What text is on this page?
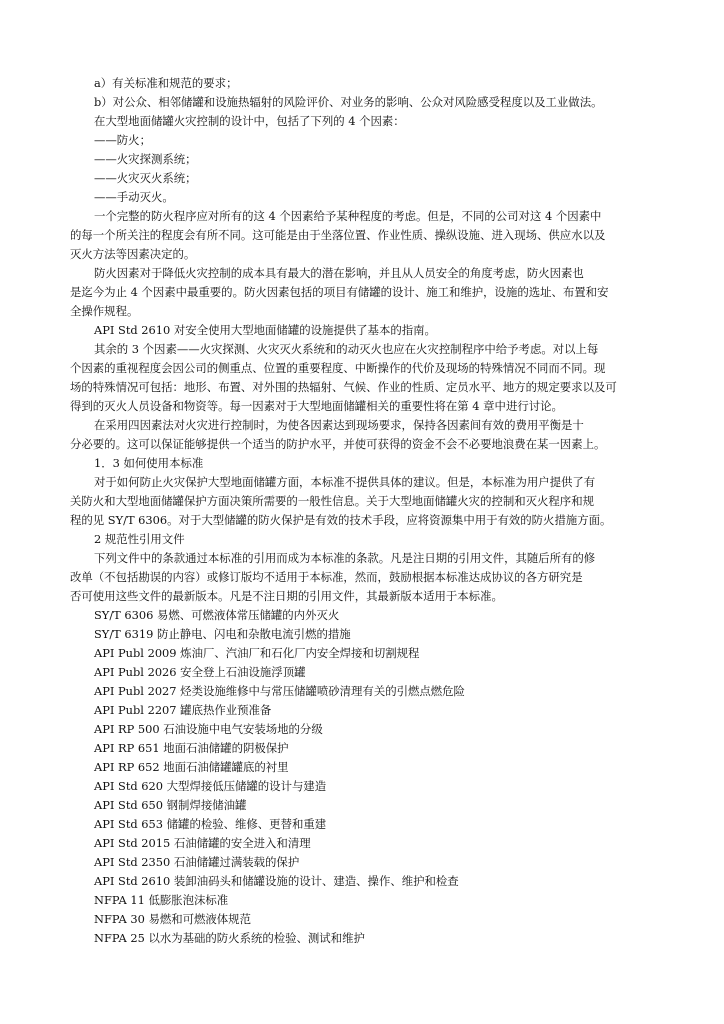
a）有关标准和规范的要求；

b）对公众、相邻储罐和设施热辐射的风险评价、对业务的影响、公众对风险感受程度以及工业做法。

在大型地面储罐火灾控制的设计中，包括了下列的 4 个因素：

——防火；

——火灾探测系统；

——火灾灭火系统；

——手动灭火。

一个完整的防火程序应对所有的这 4 个因素给予某种程度的考虑。但是，不同的公司对这 4 个因素中

的每一个所关注的程度会有所不同。这可能是由于坐落位置、作业性质、操纵设施、进入现场、供应水以及

灭火方法等因素决定的。

防火因素对于降低火灾控制的成本具有最大的潜在影响，并且从人员安全的角度考虑，防火因素也

是迄今为止 4 个因素中最重要的。防火因素包括的项目有储罐的设计、施工和维护，设施的选址、布置和安

全操作规程。

API Std 2610 对安全使用大型地面储罐的设施提供了基本的指南。

其余的 3 个因素——火灾探测、火灾灭火系统和的动灭火也应在火灾控制程序中给予考虑。对以上每

个因素的重视程度会因公司的侧重点、位置的重要程度、中断操作的代价及现场的特殊情况不同而不同。现

场的特殊情况可包括：地形、布置、对外围的热辐射、气候、作业的性质、定员水平、地方的规定要求以及可

得到的灭火人员设备和物资等。每一因素对于大型地面储罐相关的重要性将在第 4 章中进行讨论。

在采用四因素法对火灾进行控制时，为使各因素达到现场要求，保持各因素间有效的费用平衡是十

分必要的。这可以保证能够提供一个适当的防护水平，并使可获得的资金不会不必要地浪费在某一因素上。

1．3 如何使用本标准

对于如何防止火灾保护大型地面储罐方面，本标准不提供具体的建议。但是，本标准为用户提供了有

关防火和大型地面储罐保护方面决策所需要的一般性信息。关于大型地面储罐火灾的控制和灭火程序和规

程的见 SY/T 6306。对于大型储罐的防火保护是有效的技术手段，应将资源集中用于有效的防火措施方面。

2 规范性引用文件

下列文件中的条款通过本标准的引用而成为本标准的条款。凡是注日期的引用文件，其随后所有的修

改单（不包括勘误的内容）或修订版均不适用于本标准，然而，鼓励根据本标准达成协议的各方研究是

否可使用这些文件的最新版本。凡是不注日期的引用文件，其最新版本适用于本标准。

SY/T 6306 易燃、可燃液体常压储罐的内外灭火

SY/T 6319 防止静电、闪电和杂散电流引燃的措施

API Publ 2009 炼油厂、汽油厂和石化厂内安全焊接和切割规程

API Publ 2026 安全登上石油设施浮顶罐

API Publ 2027 烃类设施维修中与常压储罐喷砂清理有关的引燃点燃危险

API Publ 2207 罐底热作业预准备

API RP 500 石油设施中电气安装场地的分级

API RP 651 地面石油储罐的阴极保护

API RP 652 地面石油储罐罐底的衬里

API Std 620 大型焊接低压储罐的设计与建造

API Std 650 钢制焊接储油罐

API Std 653 储罐的检验、维修、更替和重建

API Std 2015 石油储罐的安全进入和清理

API Std 2350 石油储罐过满装载的保护

API Std 2610 装卸油码头和储罐设施的设计、建造、操作、维护和检查

NFPA 11 低膨胀泡沫标准

NFPA 30 易燃和可燃液体规范

NFPA 25 以水为基础的防火系统的检验、测试和维护
